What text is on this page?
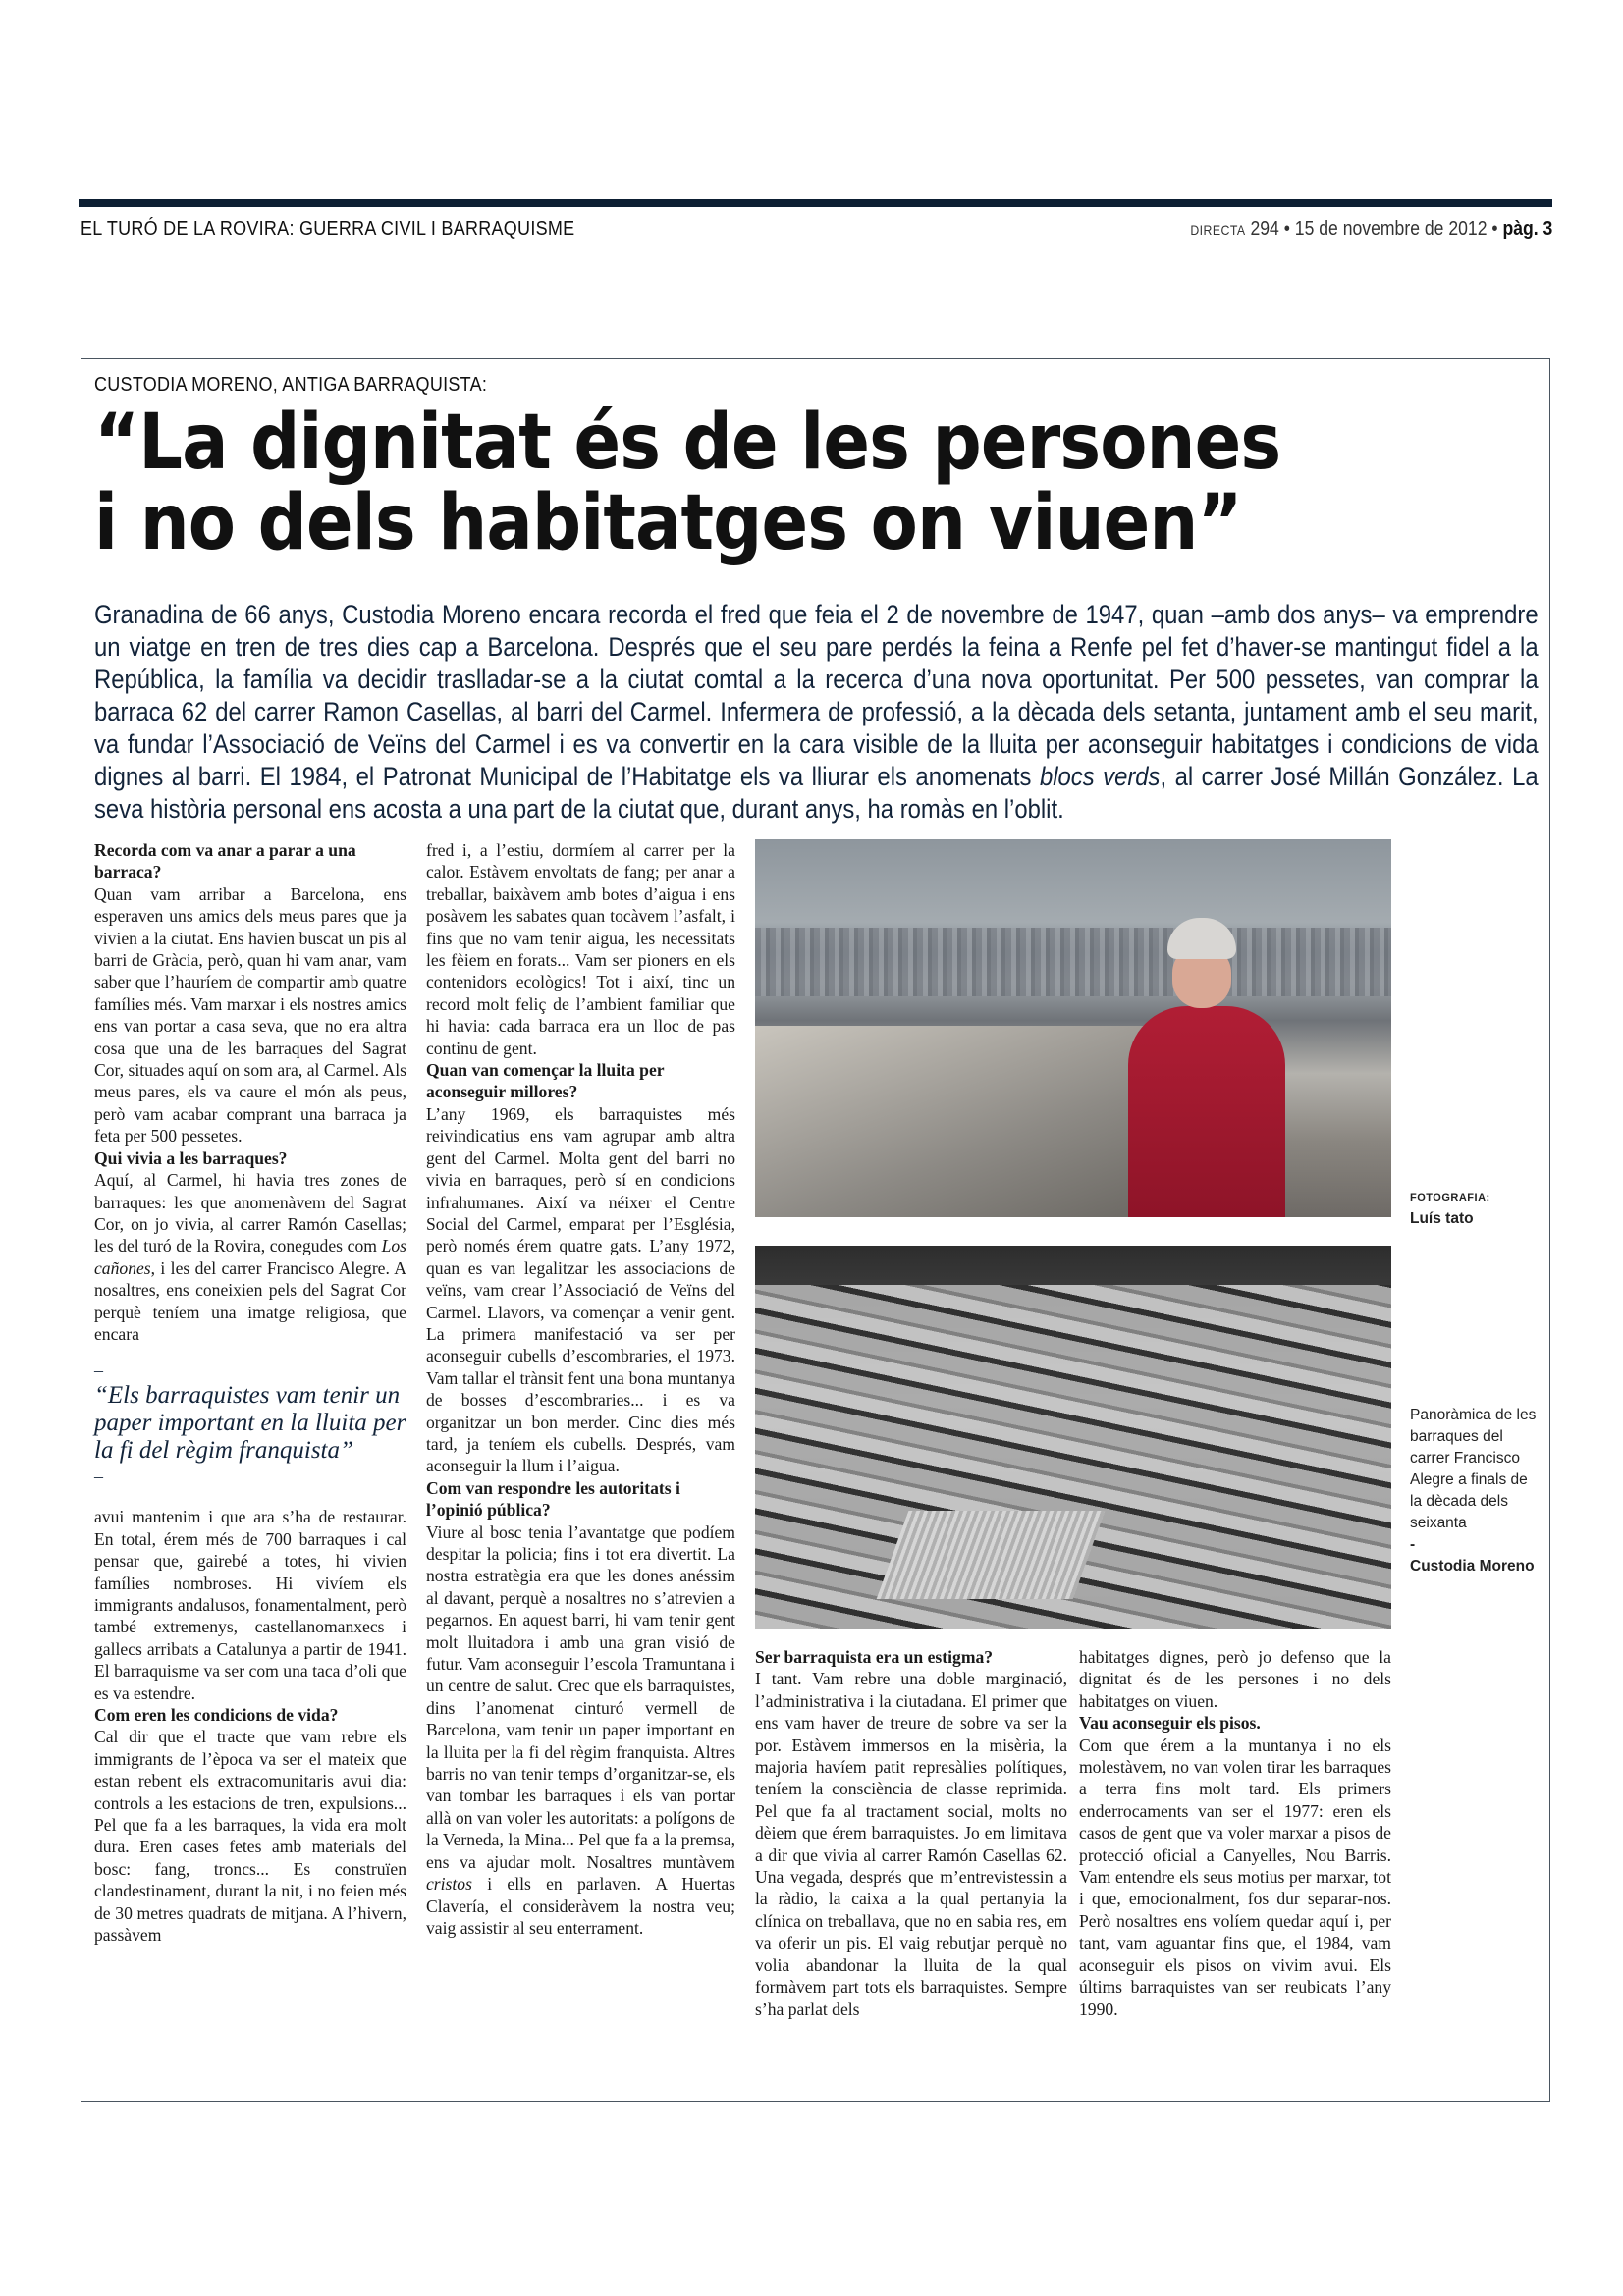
EL TURÓ DE LA ROVIRA: GUERRA CIVIL I BARRAQUISME	DIRECTA 294 • 15 de novembre de 2012 • pàg. 3
CUSTODIA MORENO, ANTIGA BARRAQUISTA:
“La dignitat és de les persones
i no dels habitatges on viuen”

Granadina de 66 anys, Custodia Moreno encara recorda el fred que feia el 2 de novembre de 1947, quan –amb dos anys– va emprendre un viatge en tren de tres dies cap a Barcelona. Després que el seu pare perdés la feina a Renfe pel fet d’haver-se mantingut fidel a la República, la família va decidir traslladar-se a la ciutat comtal a la recerca d’una nova oportunitat. Per 500 pessetes, van comprar la barraca 62 del carrer Ramon Casellas, al barri del Carmel. Infermera de professió, a la dècada dels setanta, juntament amb el seu marit, va fundar l’Associació de Veïns del Carmel i es va convertir en la cara visible de la lluita per aconseguir habitatges i condicions de vida dignes al barri. El 1984, el Patronat Municipal de l’Habitatge els va lliurar els anomenats blocs verds, al carrer José Millán González. La seva història personal ens acosta a una part de la ciutat que, durant anys, ha romàs en l’oblit.

Recorda com va anar a parar a una barraca?

Quan vam arribar a Barcelona, ens esperaven uns amics dels meus pares que ja vivien a la ciutat. Ens havien buscat un pis al barri de Gràcia, però, quan hi vam anar, vam saber que l’hauríem de compartir amb quatre famílies més. Vam marxar i els nostres amics ens van portar a casa seva, que no era altra cosa que una de les barraques del Sagrat Cor, situades aquí on som ara, al Carmel. Als meus pares, els va caure el món als peus, però vam acabar comprant una barraca ja feta per 500 pessetes.

Qui vivia a les barraques?

Aquí, al Carmel, hi havia tres zones de barraques: les que anomenàvem del Sagrat Cor, on jo vivia, al carrer Ramón Casellas; les del turó de la Rovira, conegudes com Los cañones, i les del carrer Francisco Alegre. A nosaltres, ens coneixien pels del Sagrat Cor perquè teníem una imatge religiosa, que encara

–
“Els barraquistes vam tenir un paper important en la lluita per la fi del règim franquista”
–

avui mantenim i que ara s’ha de restaurar. En total, érem més de 700 barraques i cal pensar que, gairebé a totes, hi vivien famílies nombroses. Hi vivíem els immigrants andalusos, fonamentalment, però també extremenys, castellanomanxecs i gallecs arribats a Catalunya a partir de 1941. El barraquisme va ser com una taca d’oli que es va estendre.

Com eren les condicions de vida?

Cal dir que el tracte que vam rebre els immigrants de l’època va ser el mateix que estan rebent els extracomunitaris avui dia: controls a les estacions de tren, expulsions... Pel que fa a les barraques, la vida era molt dura. Eren cases fetes amb materials del bosc: fang, troncs... Es construïen clandestinament, durant la nit, i no feien més de 30 metres quadrats de mitjana. A l’hivern, passàvem

fred i, a l’estiu, dormíem al carrer per la calor. Estàvem envoltats de fang; per anar a treballar, baixàvem amb botes d’aigua i ens posàvem les sabates quan tocàvem l’asfalt, i fins que no vam tenir aigua, les necessitats les fèiem en forats... Vam ser pioners en els contenidors ecològics! Tot i així, tinc un record molt feliç de l’ambient familiar que hi havia: cada barraca era un lloc de pas continu de gent.

Quan van començar la lluita per aconseguir millores?

L’any 1969, els barraquistes més reivindicatius ens vam agrupar amb altra gent del Carmel. Molta gent del barri no vivia en barraques, però sí en condicions infrahumanes. Així va néixer el Centre Social del Carmel, emparat per l’Església, però només érem quatre gats. L’any 1972, quan es van legalitzar les associacions de veïns, vam crear l’Associació de Veïns del Carmel. Llavors, va començar a venir gent. La primera manifestació va ser per aconseguir cubells d’escombraries, el 1973. Vam tallar el trànsit fent una bona muntanya de bosses d’escombraries... i es va organitzar un bon merder. Cinc dies més tard, ja teníem els cubells. Després, vam aconseguir la llum i l’aigua.

Com van respondre les autoritats i l’opinió pública?

Viure al bosc tenia l’avantatge que podíem despitar la policia; fins i tot era divertit. La nostra estratègia era que les dones anéssim al davant, perquè a nosaltres no s’atrevien a pegarnos. En aquest barri, hi vam tenir gent molt lluitadora i amb una gran visió de futur. Vam aconseguir l’escola Tramuntana i un centre de salut. Crec que els barraquistes, dins l’anomenat cinturó vermell de Barcelona, vam tenir un paper important en la lluita per la fi del règim franquista. Altres barris no van tenir temps d’organitzar-se, els van tombar les barraques i els van portar allà on van voler les autoritats: a polígons de la Verneda, la Mina... Pel que fa a la premsa, ens va ajudar molt. Nosaltres muntàvem cristos i ells en parlaven. A Huertas Clavería, el consideràvem la nostra veu; vaig assistir al seu enterrament.

FOTOGRAFIA:
Luís tato
Panoràmica de les barraques del carrer Francisco Alegre a finals de la dècada dels seixanta
-
Custodia Moreno

Ser barraquista era un estigma?

I tant. Vam rebre una doble marginació, l’administrativa i la ciutadana. El primer que ens vam haver de treure de sobre va ser la por. Estàvem immersos en la misèria, la majoria havíem patit represàlies polítiques, teníem la consciència de classe reprimida. Pel que fa al tractament social, molts no dèiem que érem barraquistes. Jo em limitava a dir que vivia al carrer Ramón Casellas 62. Una vegada, després que m’entrevistessin a la ràdio, la caixa a la qual pertanyia la clínica on treballava, que no en sabia res, em va oferir un pis. El vaig rebutjar perquè no volia abandonar la lluita de la qual formàvem part tots els barraquistes. Sempre s’ha parlat dels

habitatges dignes, però jo defenso que la dignitat és de les persones i no dels habitatges on viuen.

Vau aconseguir els pisos.

Com que érem a la muntanya i no els molestàvem, no van volen tirar les barraques a terra fins molt tard. Els primers enderrocaments van ser el 1977: eren els casos de gent que va voler marxar a pisos de protecció oficial a Canyelles, Nou Barris. Vam entendre els seus motius per marxar, tot i que, emocionalment, fos dur separar-nos. Però nosaltres ens volíem quedar aquí i, per tant, vam aguantar fins que, el 1984, vam aconseguir els pisos on vivim avui. Els últims barraquistes van ser reubicats l’any 1990.
